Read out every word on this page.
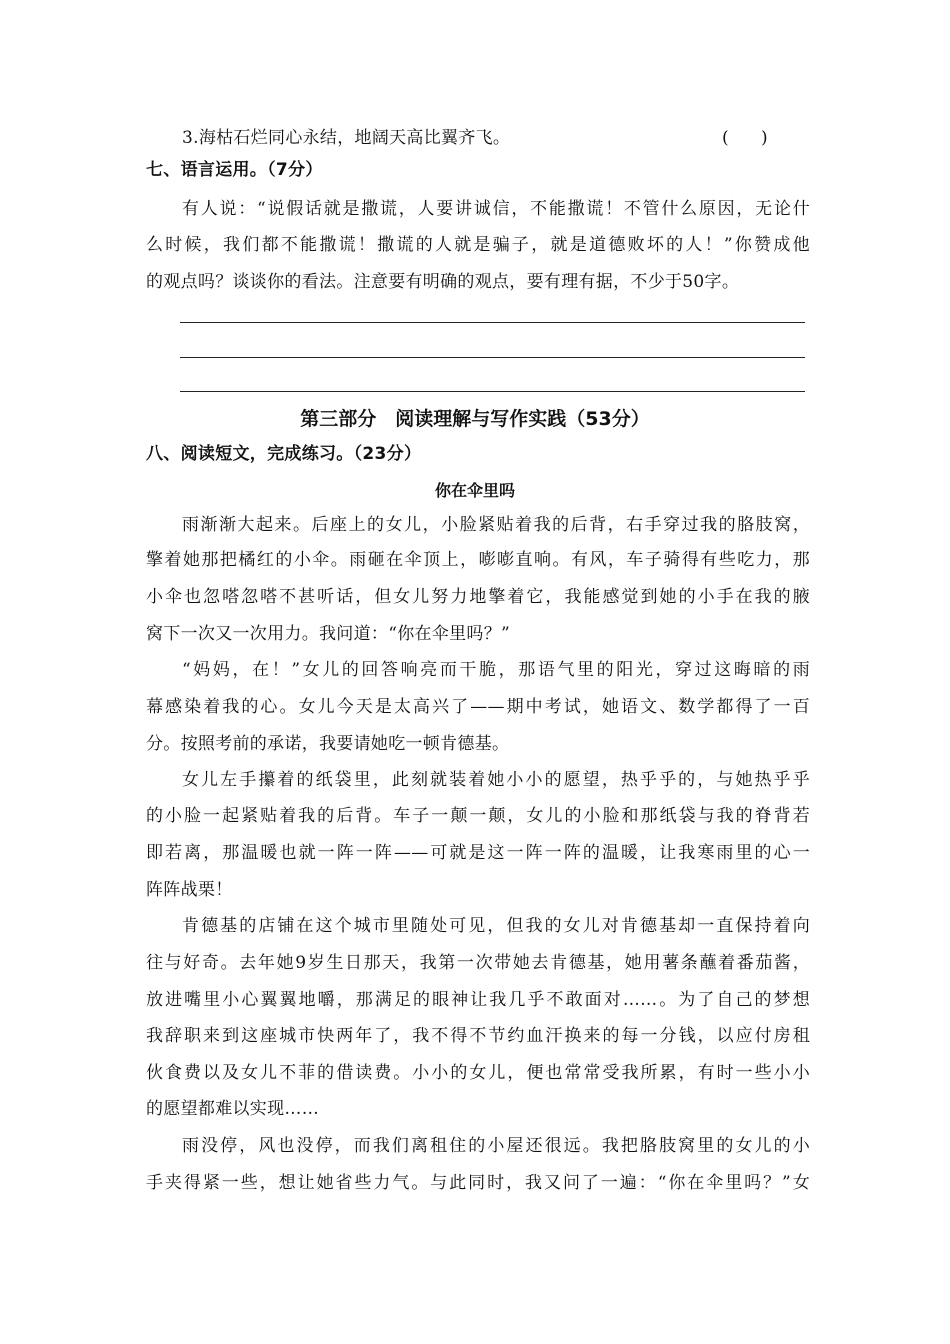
3.海枯石烂同心永结，地阔天高比翼齐飞。	(      )
七、语言运用。（7分）
有人说：“说假话就是撒谎，人要讲诚信，不能撒谎！不管什么原因，无论什
么时候，我们都不能撒谎！撒谎的人就是骗子，就是道德败坏的人！”你赞成他
的观点吗？谈谈你的看法。注意要有明确的观点，要有理有据，不少于50字。
第三部分　阅读理解与写作实践（53分）
八、阅读短文，完成练习。（23分）
你在伞里吗
雨渐渐大起来。后座上的女儿，小脸紧贴着我的后背，右手穿过我的胳肢窝，
擎着她那把橘红的小伞。雨砸在伞顶上，嘭嘭直响。有风，车子骑得有些吃力，那
小伞也忽嗒忽嗒不甚听话，但女儿努力地擎着它，我能感觉到她的小手在我的腋
窝下一次又一次用力。我问道：“你在伞里吗？”
“妈妈，在！”女儿的回答响亮而干脆，那语气里的阳光，穿过这晦暗的雨
幕感染着我的心。女儿今天是太高兴了——期中考试，她语文、数学都得了一百
分。按照考前的承诺，我要请她吃一顿肯德基。
女儿左手攥着的纸袋里，此刻就装着她小小的愿望，热乎乎的，与她热乎乎
的小脸一起紧贴着我的后背。车子一颠一颠，女儿的小脸和那纸袋与我的脊背若
即若离，那温暖也就一阵一阵——可就是这一阵一阵的温暖，让我寒雨里的心一
阵阵战栗！
肯德基的店铺在这个城市里随处可见，但我的女儿对肯德基却一直保持着向
往与好奇。去年她9岁生日那天，我第一次带她去肯德基，她用薯条蘸着番茄酱，
放进嘴里小心翼翼地嚼，那满足的眼神让我几乎不敢面对……。为了自己的梦想
我辞职来到这座城市快两年了，我不得不节约血汗换来的每一分钱，以应付房租
伙食费以及女儿不菲的借读费。小小的女儿，便也常常受我所累，有时一些小小
的愿望都难以实现……
雨没停，风也没停，而我们离租住的小屋还很远。我把胳肢窝里的女儿的小
手夹得紧一些，想让她省些力气。与此同时，我又问了一遍：“你在伞里吗？”女
